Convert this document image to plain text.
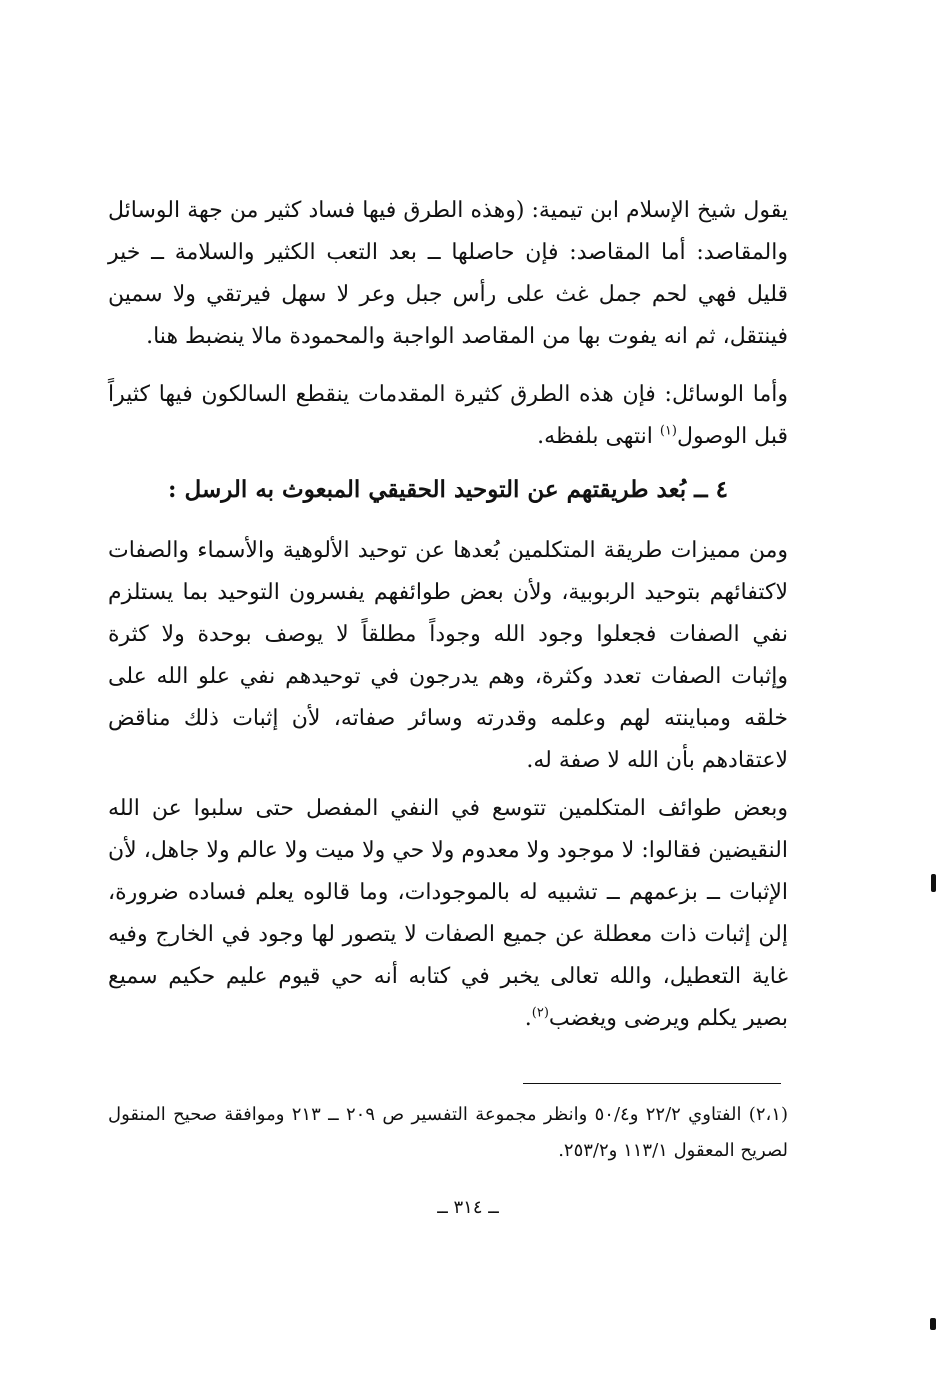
يقول شيخ الإسلام ابن تيمية: (وهذه الطرق فيها فساد كثير من جهة الوسائل والمقاصد: أما المقاصد: فإن حاصلها ــ بعد التعب الكثير والسلامة ــ خير قليل فهي لحم جمل غث على رأس جبل وعر لا سهل فيرتقي ولا سمين فينتقل، ثم انه يفوت بها من المقاصد الواجبة والمحمودة مالا ينضبط هنا.

وأما الوسائل: فإن هذه الطرق كثيرة المقدمات ينقطع السالكون فيها كثيراً قبل الوصول$^{(١)}$ انتهى بلفظه.

٤ ــ بُعد طريقتهم عن التوحيد الحقيقي المبعوث به الرسل :

ومن مميزات طريقة المتكلمين بُعدها عن توحيد الألوهية والأسماء والصفات لاكتفائهم بتوحيد الربوبية، ولأن بعض طوائفهم يفسرون التوحيد بما يستلزم نفي الصفات فجعلوا وجود الله وجوداً مطلقاً لا يوصف بوحدة ولا كثرة وإثبات الصفات تعدد وكثرة، وهم يدرجون في توحيدهم نفي علو الله على خلقه ومباينته لهم وعلمه وقدرته وسائر صفاته، لأن إثبات ذلك مناقض لاعتقادهم بأن الله لا صفة له.

وبعض طوائف المتكلمين تتوسع في النفي المفصل حتى سلبوا عن الله النقيضين فقالوا: لا موجود ولا معدوم ولا حي ولا ميت ولا عالم ولا جاهل، لأن الإثبات ــ بزعمهم ــ تشبيه له بالموجودات، وما قالوه يعلم فساده ضرورة، إلن إثبات ذات معطلة عن جميع الصفات لا يتصور لها وجود في الخارج وفيه غاية التعطيل، والله تعالى يخبر في كتابه أنه حي قيوم عليم حكيم سميع بصير يكلم ويرضى ويغضب$^{(٢)}$.

(٢،١) الفتاوي ٢٢/٢ و٥٠/٤ وانظر مجموعة التفسير ص ٢٠٩ ــ ٢١٣ وموافقة صحيح المنقول لصريح المعقول ١١٣/١ و٢٥٣/٢.

ــ ٣١٤ ــ
